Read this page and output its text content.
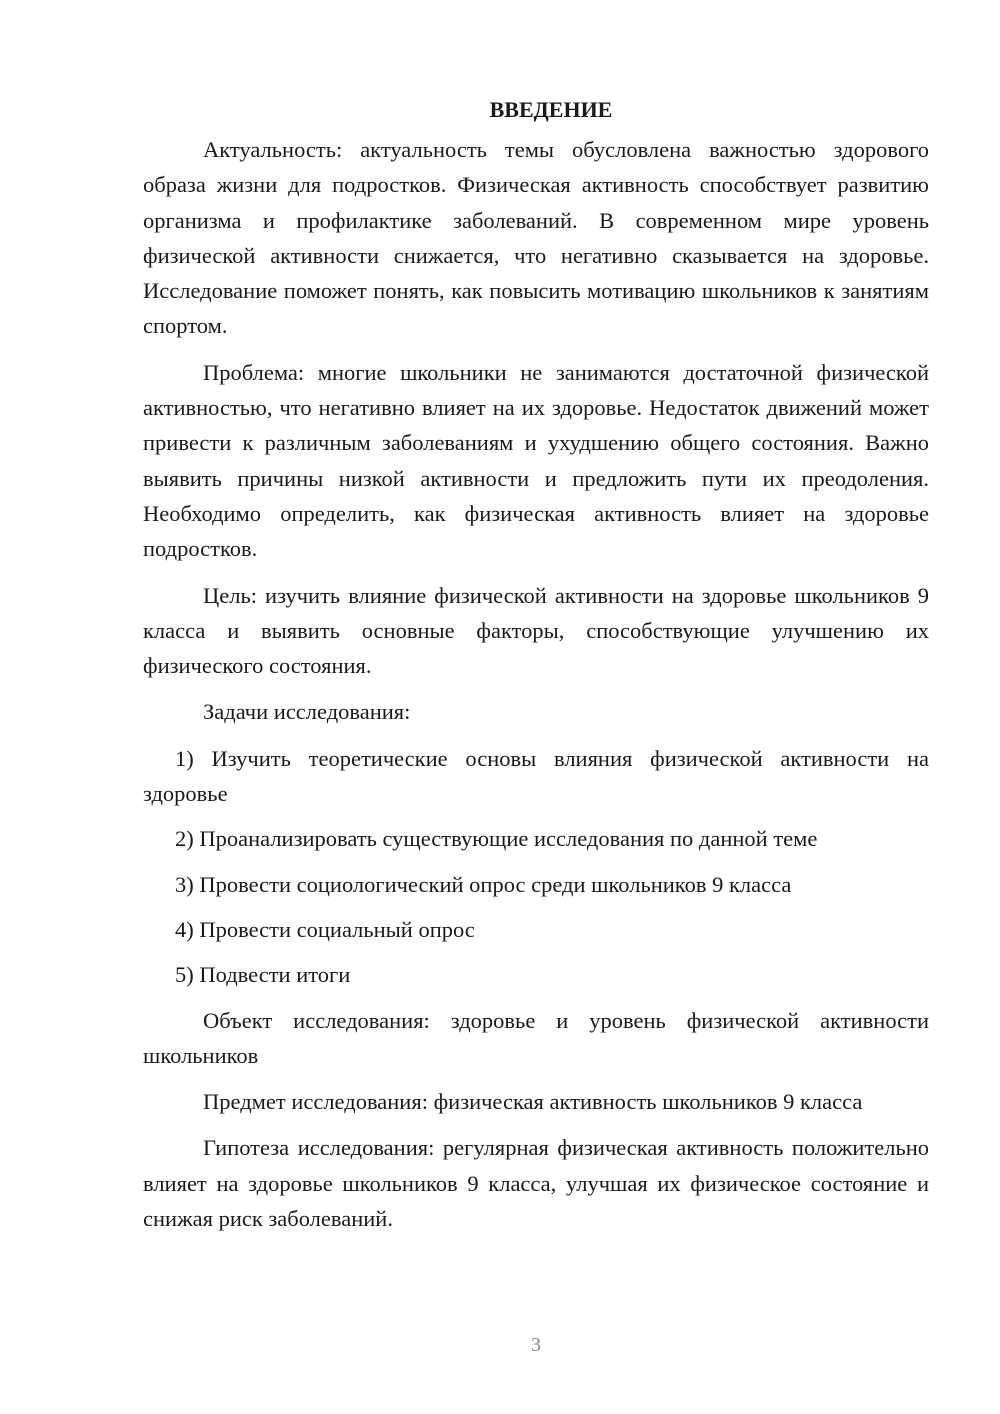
ВВЕДЕНИЕ

Актуальность: актуальность темы обусловлена важностью здорового образа жизни для подростков. Физическая активность способствует развитию организма и профилактике заболеваний. В современном мире уровень физической активности снижается, что негативно сказывается на здоровье. Исследование поможет понять, как повысить мотивацию школьников к занятиям спортом.

Проблема: многие школьники не занимаются достаточной физической активностью, что негативно влияет на их здоровье. Недостаток движений может привести к различным заболеваниям и ухудшению общего состояния. Важно выявить причины низкой активности и предложить пути их преодоления. Необходимо определить, как физическая активность влияет на здоровье подростков.

Цель: изучить влияние физической активности на здоровье школьников 9 класса и выявить основные факторы, способствующие улучшению их физического состояния.

Задачи исследования:

1) Изучить теоретические основы влияния физической активности на здоровье
2) Проанализировать существующие исследования по данной теме
3) Провести социологический опрос среди школьников 9 класса
4) Провести социальный опрос
5) Подвести итоги

Объект исследования: здоровье и уровень физической активности школьников

Предмет исследования: физическая активность школьников 9 класса

Гипотеза исследования: регулярная физическая активность положительно влияет на здоровье школьников 9 класса, улучшая их физическое состояние и снижая риск заболеваний.

3
